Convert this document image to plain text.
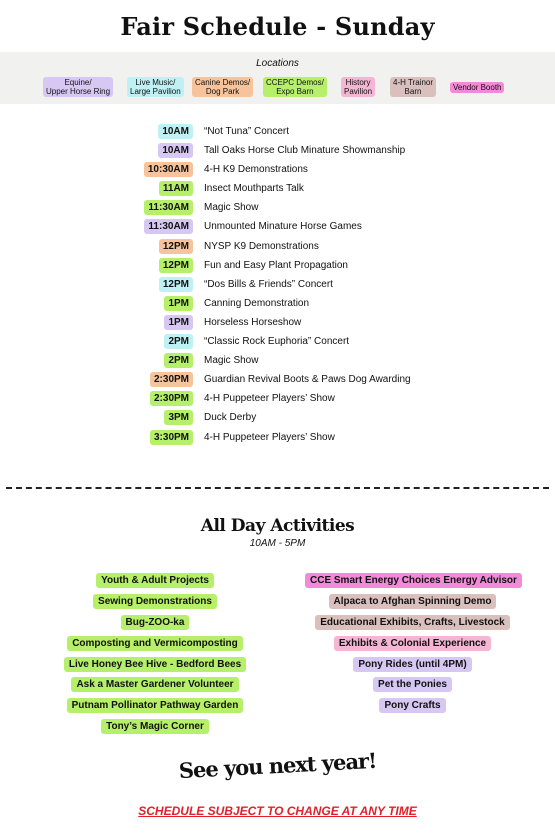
Fair Schedule - Sunday
Locations
Equine/
Upper Horse Ring
Live Music/
Large Pavilion
Canine Demos/
Dog Park
CCEPC Demos/
Expo Barn
History
Pavilion
4-H Trainor
Barn	Vendor Booth
10AM	“Not Tuna” Concert
10AM	Tall Oaks Horse Club Minature Showmanship
10:30AM	4-H K9 Demonstrations
11AM	Insect Mouthparts Talk
11:30AM	Magic Show
11:30AM	Unmounted Minature Horse Games
12PM	NYSP K9 Demonstrations
12PM	Fun and Easy Plant Propagation
12PM	“Dos Bills & Friends” Concert
1PM	Canning Demonstration
1PM	Horseless Horseshow
2PM	“Classic Rock Euphoria” Concert
2PM	Magic Show
2:30PM	Guardian Revival Boots & Paws Dog Awarding
2:30PM	4-H Puppeteer Players’ Show
3PM	Duck Derby
3:30PM	4-H Puppeteer Players’ Show
All Day Activities
10AM - 5PM
Youth & Adult Projects
Sewing Demonstrations
Bug-ZOO-ka
Composting and Vermicomposting
Live Honey Bee Hive - Bedford Bees
Ask a Master Gardener Volunteer
Putnam Pollinator Pathway Garden
Tony’s Magic Corner
CCE Smart Energy Choices Energy Advisor
Alpaca to Afghan Spinning Demo
Educational Exhibits, Crafts, Livestock
Exhibits & Colonial Experience
Pony Rides (until 4PM)
Pet the Ponies
Pony Crafts
See you next year!
SCHEDULE SUBJECT TO CHANGE AT ANY TIME
